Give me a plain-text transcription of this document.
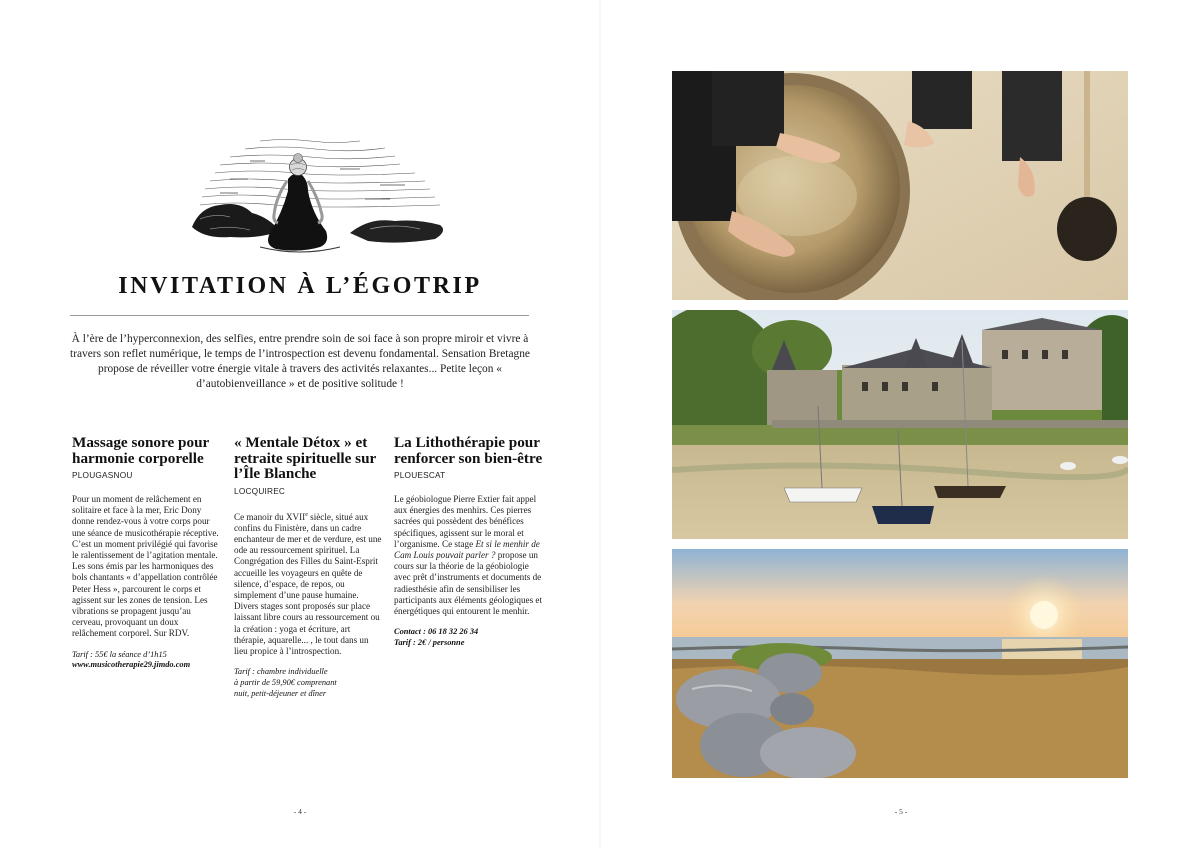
INVITATION À L’ÉGOTRIP

À l’ère de l’hyperconnexion, des selfies, entre prendre soin de soi face à son propre miroir et vivre à travers son reflet numérique, le temps de l’introspection est devenu fondamental. Sensation Bretagne propose de réveiller votre énergie vitale à travers des activités relaxantes... Petite leçon « d’autobienveillance » et de positive solitude !

Massage sonore pour harmonie corporelle

PLOUGASNOU

Pour un moment de relâchement en solitaire et face à la mer, Eric Dony donne rendez-vous à votre corps pour une séance de musicothérapie réceptive. C’est un moment privilégié qui favorise le ralentissement de l’agitation mentale. Les sons émis par les harmoniques des bols chantants « d’appellation contrôlée Peter Hess », parcourent le corps et agissent sur les zones de tension. Les vibrations se propagent jusqu’au cerveau, provoquant un doux relâchement corporel. Sur RDV.

Tarif : 55€ la séance d’1h15
www.musicotherapie29.jimdo.com

« Mentale Détox » et retraite spirituelle sur l’Île Blanche

LOCQUIREC

Ce manoir du XVIIe siècle, situé aux confins du Finistère, dans un cadre enchanteur de mer et de verdure, est une ode au ressourcement spirituel. La Congrégation des Filles du Saint-Esprit accueille les voyageurs en quête de silence, d’espace, de repos, ou simplement d’une pause humaine. Divers stages sont proposés sur place laissant libre cours au ressourcement ou la création : yoga et écriture, art thérapie, aquarelle... , le tout dans un lieu propice à l’introspection.

Tarif : chambre individuelle
à partir de 59,90€ comprenant
nuit, petit-déjeuner et dîner

La Lithothérapie pour renforcer son bien-être

PLOUESCAT

Le géobiologue Pierre Extier fait appel aux énergies des menhirs. Ces pierres sacrées qui possèdent des bénéfices spécifiques, agissent sur le moral et l’organisme. Ce stage Et si le menhir de Cam Louis pouvait parler ? propose un cours sur la théorie de la géobiologie avec prêt d’instruments et documents de radiesthésie afin de sensibiliser les participants aux éléments géologiques et énergétiques qui entourent le menhir.

Contact : 06 18 32 26 34
Tarif : 2€ / personne

- 4 -	- 5 -
